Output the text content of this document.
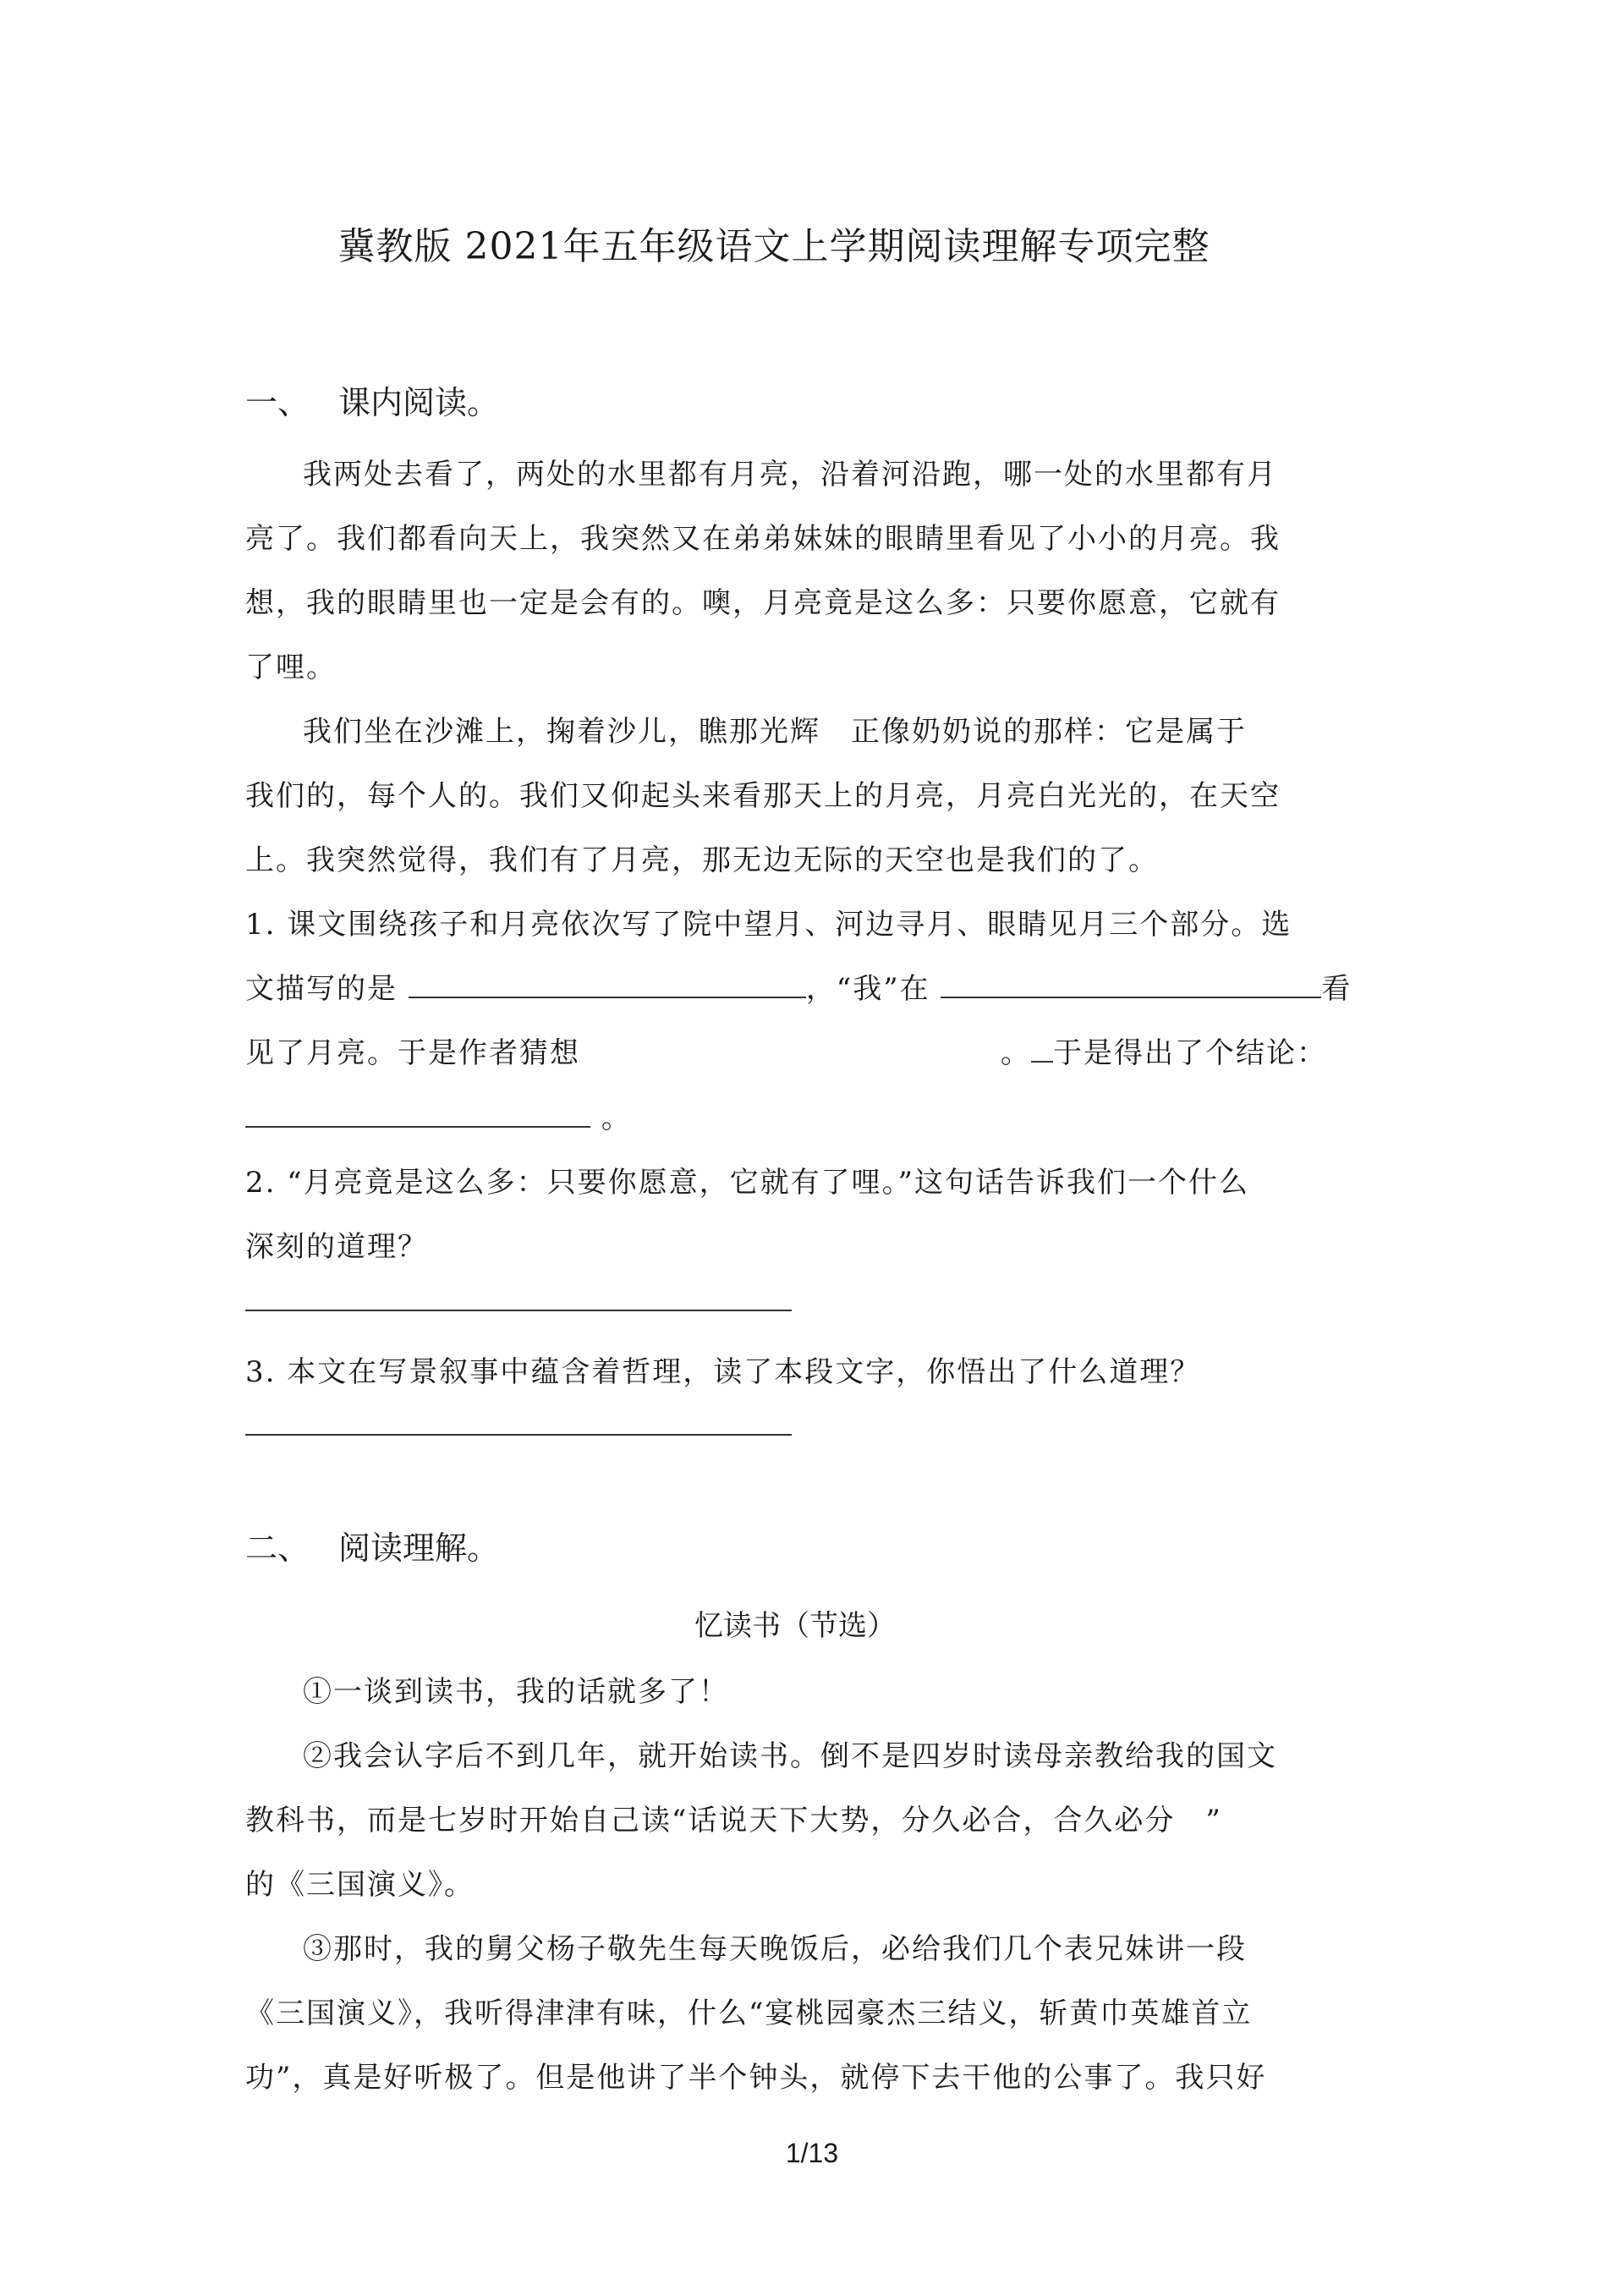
冀教版 2021年五年级语文上学期阅读理解专项完整
一、 课内阅读。
我两处去看了，两处的水里都有月亮，沿着河沿跑，哪一处的水里都有月
亮了。我们都看向天上，我突然又在弟弟妹妹的眼睛里看见了小小的月亮。我
想，我的眼睛里也一定是会有的。噢，月亮竟是这么多：只要你愿意，它就有
了哩。
我们坐在沙滩上，掬着沙儿，瞧那光辉　正像奶奶说的那样：它是属于
我们的，每个人的。我们又仰起头来看那天上的月亮，月亮白光光的，在天空
上。我突然觉得，我们有了月亮，那无边无际的天空也是我们的了。
1. 课文围绕孩子和月亮依次写了院中望月、河边寻月、眼睛见月三个部分。选
文描写的是	，“我”在	看
见了月亮。于是作者猜想	。 于是得出了个结论：
。
2. “月亮竟是这么多：只要你愿意，它就有了哩。”这句话告诉我们一个什么
深刻的道理？
3. 本文在写景叙事中蕴含着哲理，读了本段文字，你悟出了什么道理？
二、 阅读理解。
忆读书（节选）
①一谈到读书，我的话就多了！
②我会认字后不到几年，就开始读书。倒不是四岁时读母亲教给我的国文
教科书，而是七岁时开始自己读“话说天下大势，分久必合，合久必分　”
的《三国演义》。
③那时，我的舅父杨子敬先生每天晚饭后，必给我们几个表兄妹讲一段
《三国演义》，我听得津津有味，什么“宴桃园豪杰三结义，斩黄巾英雄首立
功”，真是好听极了。但是他讲了半个钟头，就停下去干他的公事了。我只好
1/13
